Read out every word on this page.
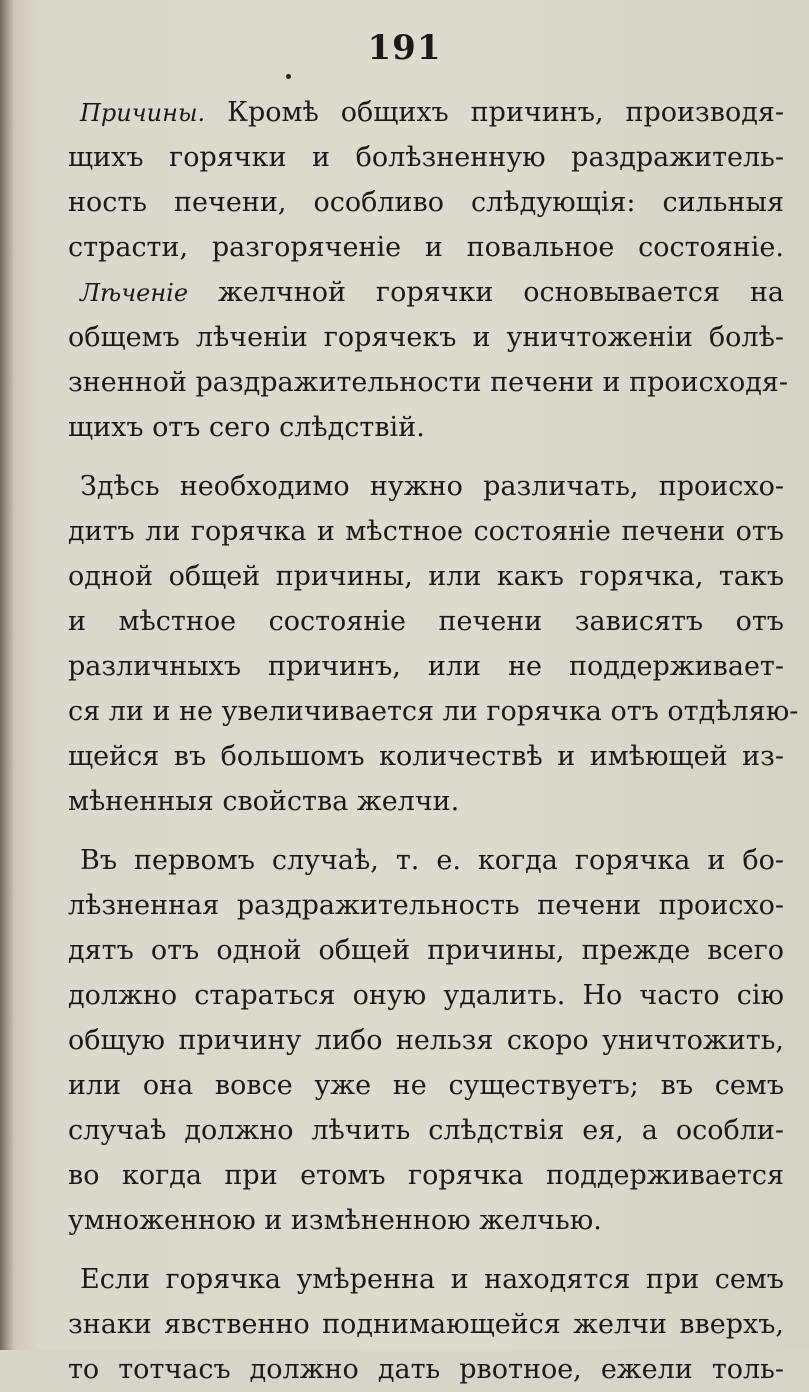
191
Причины. Кромѣ общихъ причинъ, производя-
щихъ горячки и болѣзненную раздражитель-
ность печени, особливо слѣдующія: сильныя
страсти, разгоряченіе и повальное состояніе.
Лѣченіе желчной горячки основывается на
общемъ лѣченіи горячекъ и уничтоженіи болѣ-
зненной раздражительности печени и происходя-
щихъ отъ сего слѣдствій.
Здѣсь необходимо нужно различать, происхо-
дитъ ли горячка и мѣстное состояніе печени отъ
одной общей причины, или какъ горячка, такъ
и мѣстное состояніе печени зависятъ отъ
различныхъ причинъ, или не поддерживает-
ся ли и не увеличивается ли горячка отъ отдѣляю-
щейся въ большомъ количествѣ и имѣющей из-
мѣненныя свойства желчи.
Въ первомъ случаѣ, т. е. когда горячка и бо-
лѣзненная раздражительность печени происхо-
дятъ отъ одной общей причины, прежде всего
должно стараться оную удалить. Но часто сію
общую причину либо нельзя скоро уничтожить,
или она вовсе уже не существуетъ; въ семъ
случаѣ должно лѣчить слѣдствія ея, а особли-
во когда при етомъ горячка поддерживается
умноженною и измѣненною желчью.
Если горячка умѣренна и находятся при семъ
знаки явственно поднимающейся желчи вверхъ,
то тотчасъ должно дать рвотное, ежели толь-
